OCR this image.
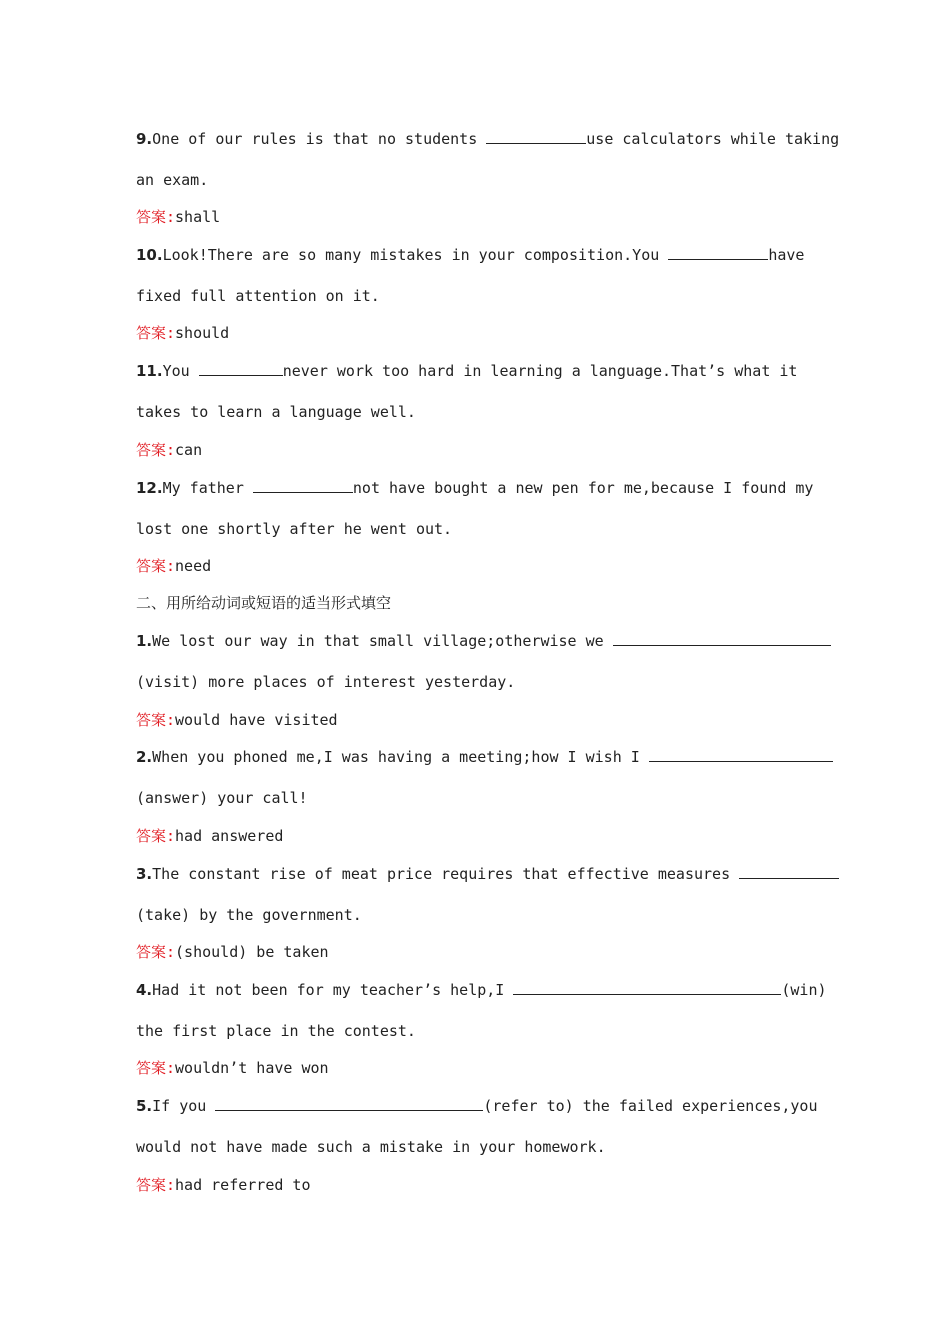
9.One of our rules is that no students	use calculators while taking
an exam.
答案:shall
10.Look!There are so many mistakes in your composition.You	have
fixed full attention on it.
答案:should
11.You	never work too hard in learning a language.That’s what it
takes to learn a language well.
答案:can
12.My father	not have bought a new pen for me,because I found my
lost one shortly after he went out.
答案:need
二、用所给动词或短语的适当形式填空
1.We lost our way in that small village;otherwise we
(visit) more places of interest yesterday.
答案:would have visited
2.When you phoned me,I was having a meeting;how I wish I
(answer) your call!
答案:had answered
3.The constant rise of meat price requires that effective measures
(take) by the government.
答案:(should) be taken
4.Had it not been for my teacher’s help,I	(win)
the first place in the contest.
答案:wouldn’t have won
5.If you	(refer to) the failed experiences,you
would not have made such a mistake in your homework.
答案:had referred to
